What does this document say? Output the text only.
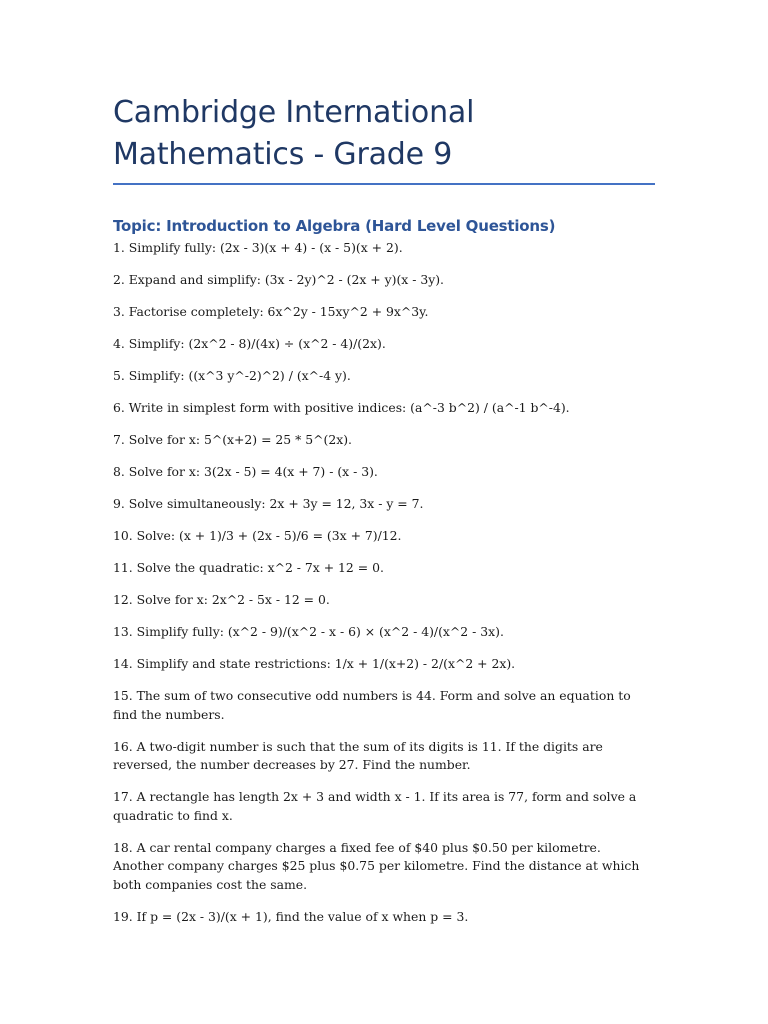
Cambridge International Mathematics - Grade 9
Topic: Introduction to Algebra (Hard Level Questions)
1. Simplify fully: (2x - 3)(x + 4) - (x - 5)(x + 2).
2. Expand and simplify: (3x - 2y)^2 - (2x + y)(x - 3y).
3. Factorise completely: 6x^2y - 15xy^2 + 9x^3y.
4. Simplify: (2x^2 - 8)/(4x) ÷ (x^2 - 4)/(2x).
5. Simplify: ((x^3 y^-2)^2) / (x^-4 y).
6. Write in simplest form with positive indices: (a^-3 b^2) / (a^-1 b^-4).
7. Solve for x: 5^(x+2) = 25 * 5^(2x).
8. Solve for x: 3(2x - 5) = 4(x + 7) - (x - 3).
9. Solve simultaneously: 2x + 3y = 12, 3x - y = 7.
10. Solve: (x + 1)/3 + (2x - 5)/6 = (3x + 7)/12.
11. Solve the quadratic: x^2 - 7x + 12 = 0.
12. Solve for x: 2x^2 - 5x - 12 = 0.
13. Simplify fully: (x^2 - 9)/(x^2 - x - 6) × (x^2 - 4)/(x^2 - 3x).
14. Simplify and state restrictions: 1/x + 1/(x+2) - 2/(x^2 + 2x).
15. The sum of two consecutive odd numbers is 44. Form and solve an equation to find the numbers.
16. A two-digit number is such that the sum of its digits is 11. If the digits are reversed, the number decreases by 27. Find the number.
17. A rectangle has length 2x + 3 and width x - 1. If its area is 77, form and solve a quadratic to find x.
18. A car rental company charges a fixed fee of $40 plus $0.50 per kilometre. Another company charges $25 plus $0.75 per kilometre. Find the distance at which both companies cost the same.
19. If p = (2x - 3)/(x + 1), find the value of x when p = 3.
